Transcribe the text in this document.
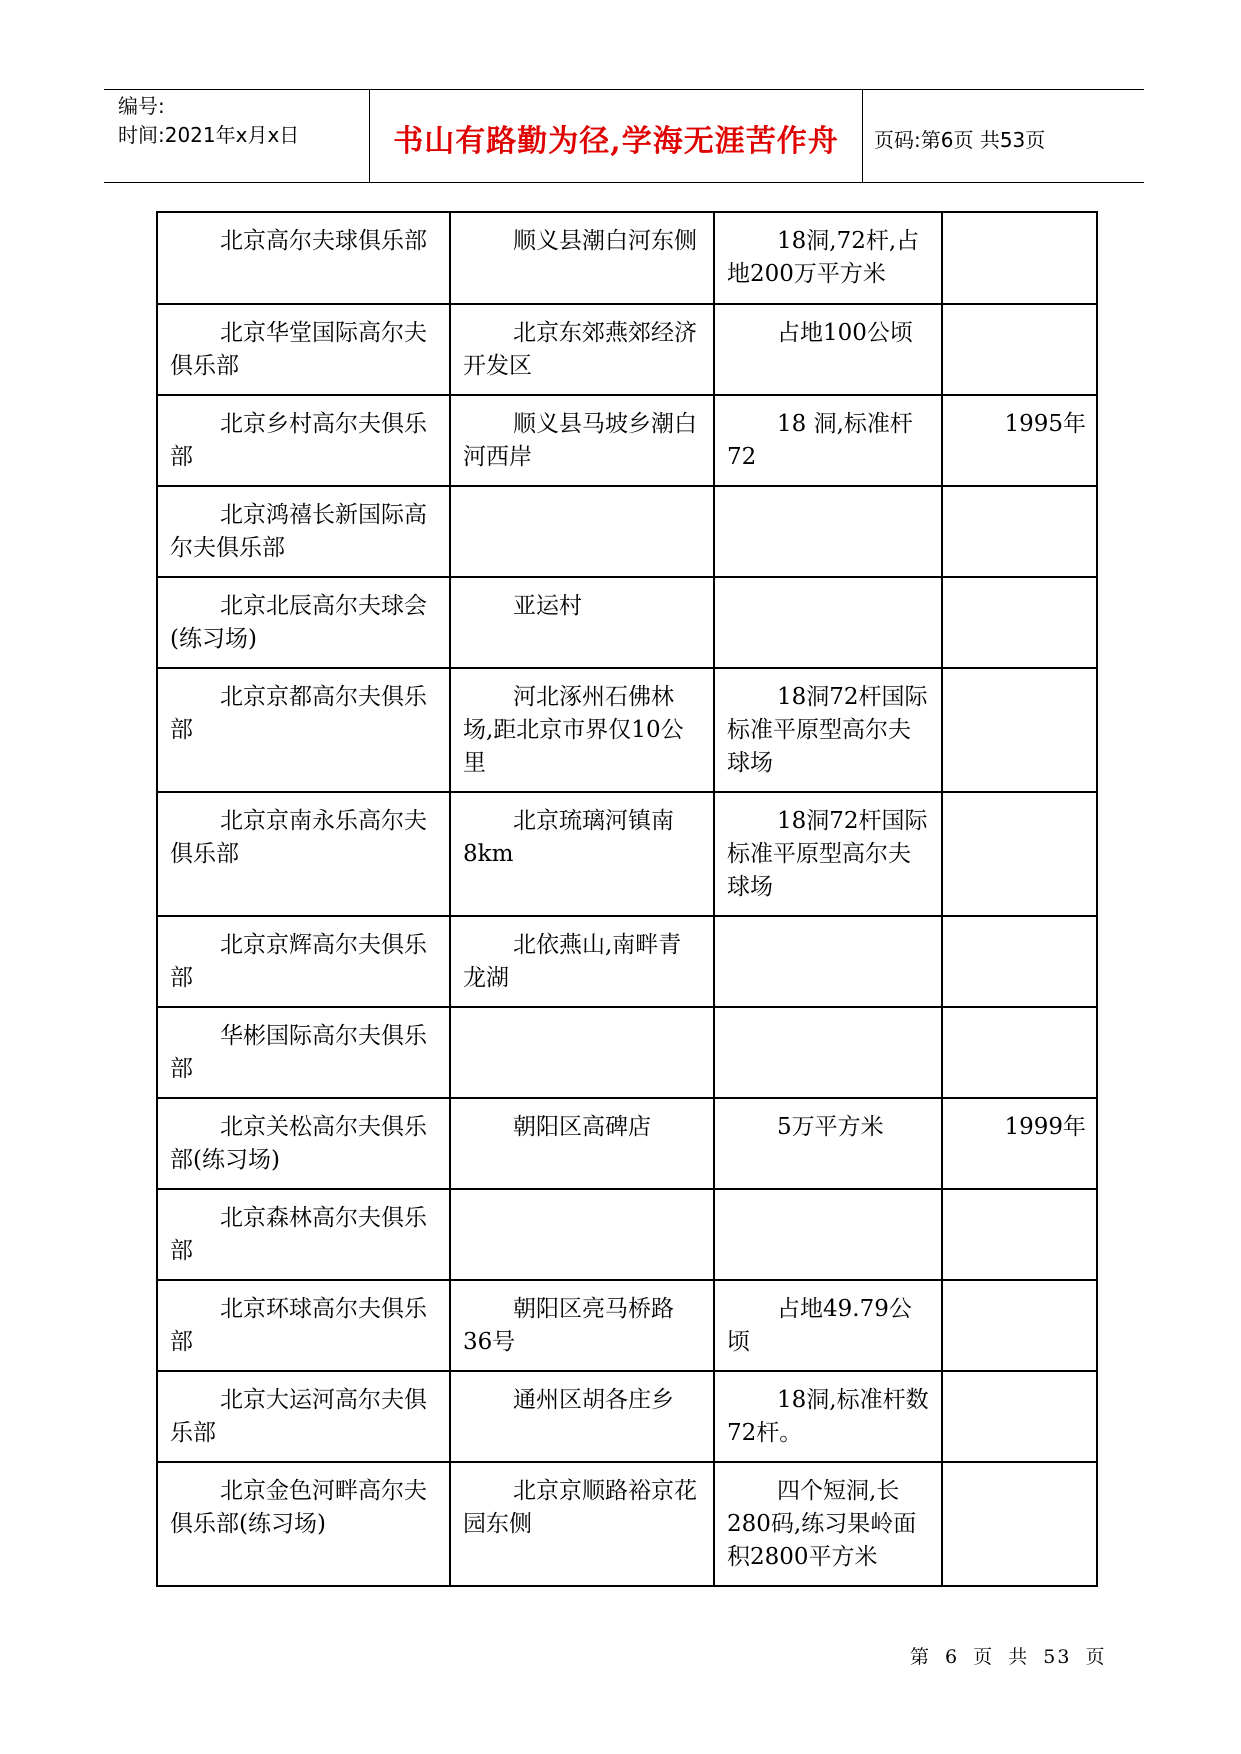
编号:
时间:2021年x月x日	书山有路勤为径,学海无涯苦作舟	页码:第6页 共53页
北京高尔夫球俱乐部	顺义县潮白河东侧	18洞,72杆,占地200万平方米	
北京华堂国际高尔夫俱乐部	北京东郊燕郊经济开发区	占地100公顷	
北京乡村高尔夫俱乐部	顺义县马坡乡潮白河西岸	18 洞,标准杆72	1995年
北京鸿禧长新国际高尔夫俱乐部			
北京北辰高尔夫球会(练习场)	亚运村		
北京京都高尔夫俱乐部	河北涿州石佛林场,距北京市界仅10公里	18洞72杆国际标准平原型高尔夫球场	
北京京南永乐高尔夫俱乐部	北京琉璃河镇南8km	18洞72杆国际标准平原型高尔夫球场	
北京京辉高尔夫俱乐部	北依燕山,南畔青龙湖		
华彬国际高尔夫俱乐部			
北京关松高尔夫俱乐部(练习场)	朝阳区高碑店	5万平方米	1999年
北京森林高尔夫俱乐部			
北京环球高尔夫俱乐部	朝阳区亮马桥路36号	占地49.79公顷	
北京大运河高尔夫俱乐部	通州区胡各庄乡	18洞,标准杆数72杆。	
北京金色河畔高尔夫俱乐部(练习场)	北京京顺路裕京花园东侧	四个短洞,长280码,练习果岭面积2800平方米	
第 6 页 共 53 页
